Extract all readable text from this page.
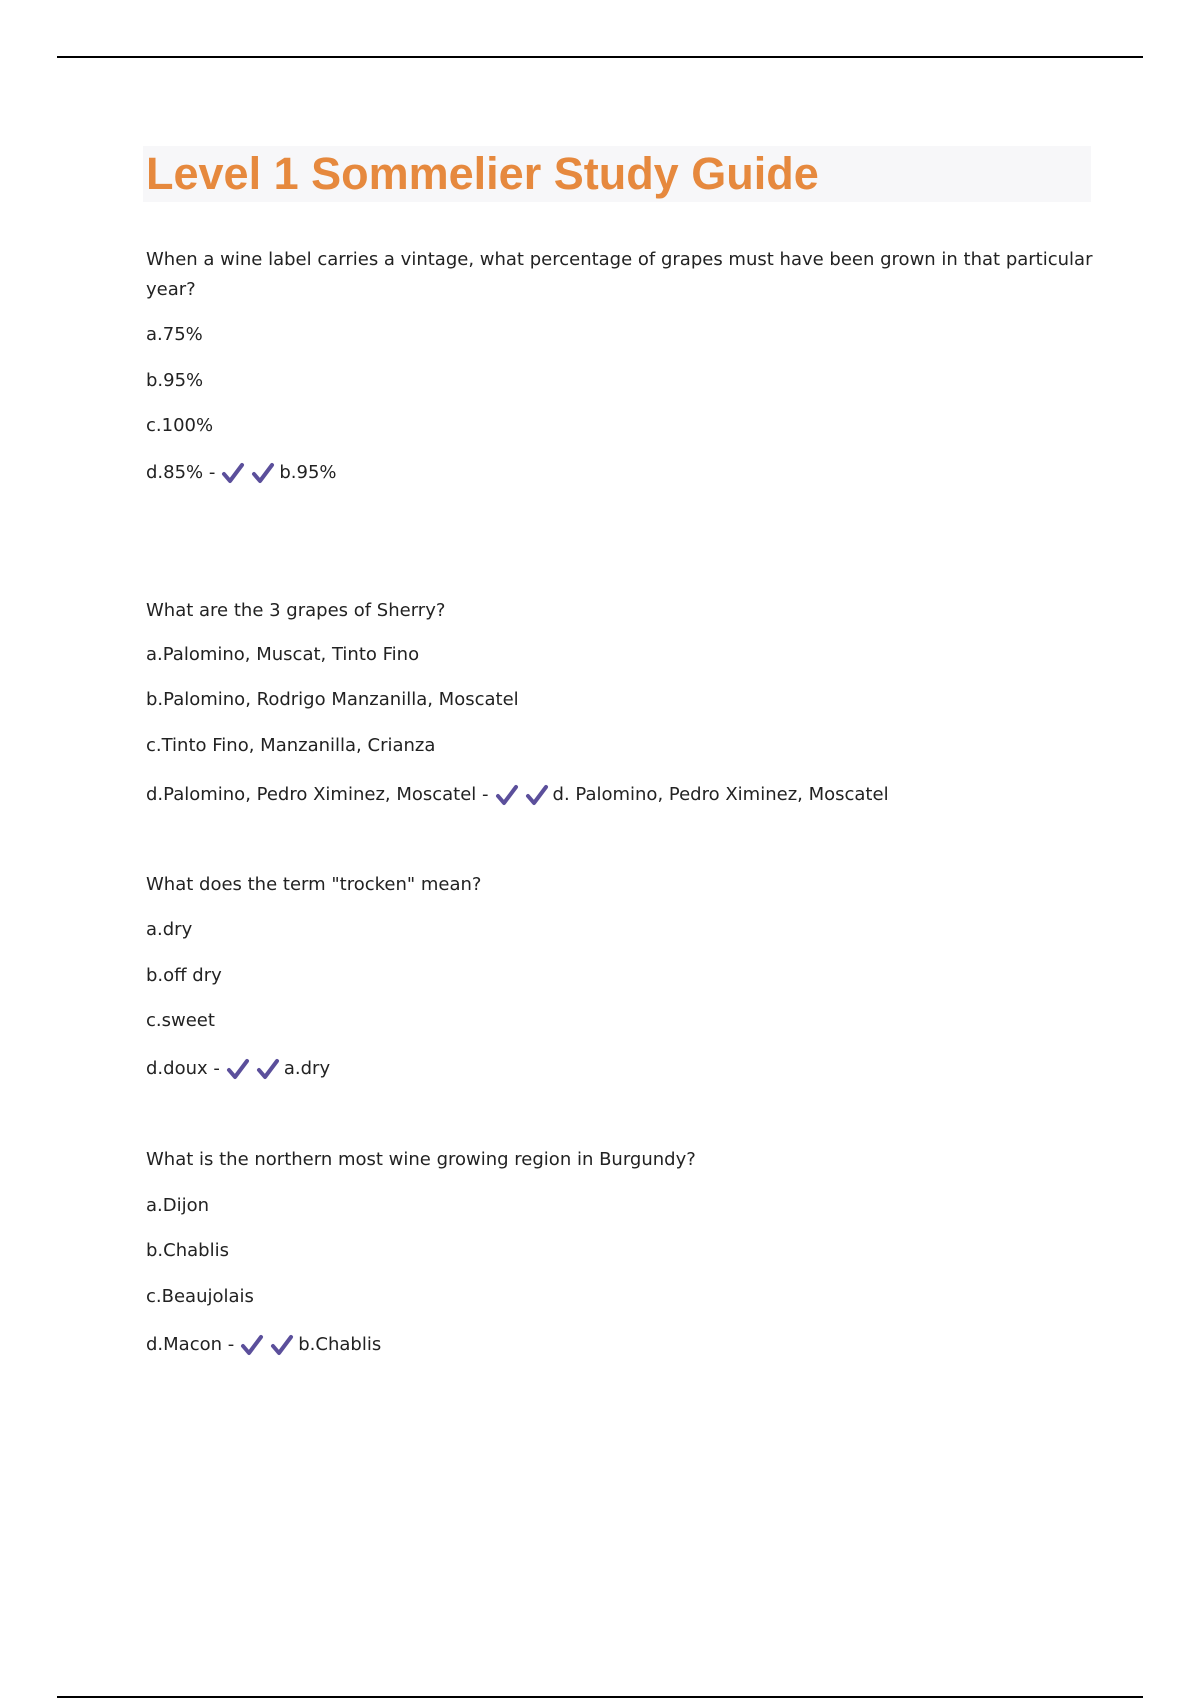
Level 1 Sommelier Study Guide
When a wine label carries a vintage, what percentage of grapes must have been grown in that particular year?
a.75%
b.95%
c.100%
d.85% -	b.95%
What are the 3 grapes of Sherry?
a.Palomino, Muscat, Tinto Fino
b.Palomino, Rodrigo Manzanilla, Moscatel
c.Tinto Fino, Manzanilla, Crianza
d.Palomino, Pedro Ximinez, Moscatel -	d. Palomino, Pedro Ximinez, Moscatel
What does the term "trocken" mean?
a.dry
b.off dry
c.sweet
d.doux -	a.dry
What is the northern most wine growing region in Burgundy?
a.Dijon
b.Chablis
c.Beaujolais
d.Macon -	b.Chablis
